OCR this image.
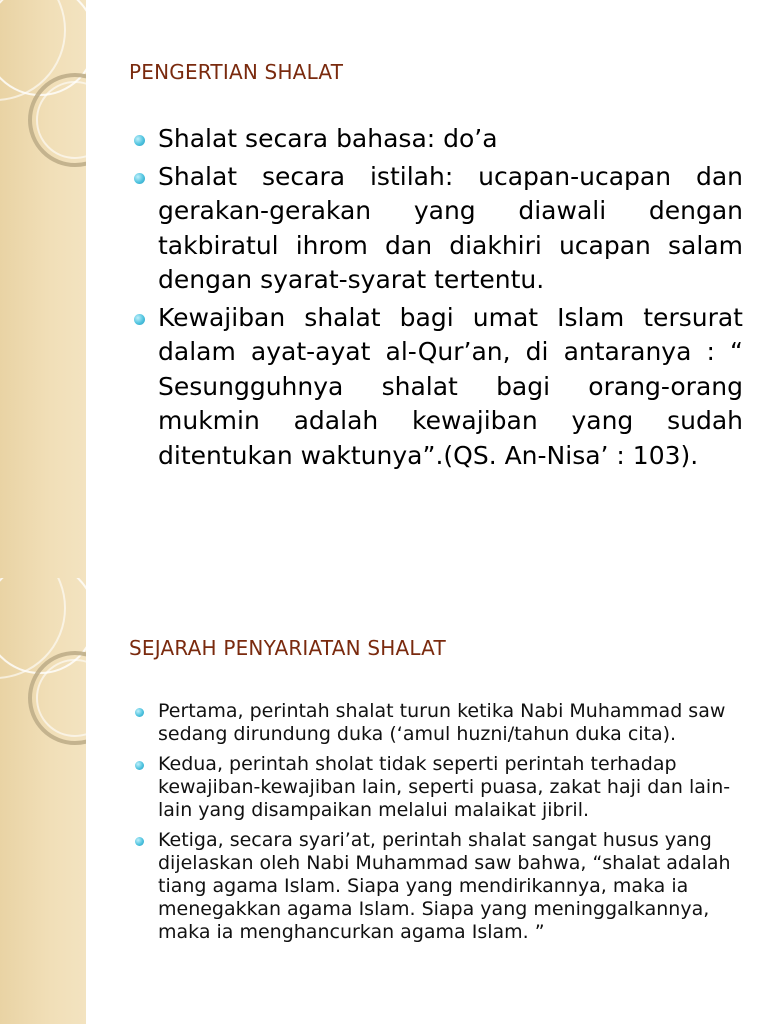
PENGERTIAN SHALAT
Shalat secara bahasa: do’a
Shalat secara istilah: ucapan-ucapan dan gerakan-gerakan yang diawali dengan takbiratul ihrom dan diakhiri ucapan salam dengan syarat-syarat tertentu.
Kewajiban shalat bagi umat Islam tersurat dalam ayat-ayat al-Qur’an, di antaranya : “ Sesungguhnya shalat bagi orang-orang mukmin adalah kewajiban yang sudah ditentukan waktunya”.(QS. An-Nisa’ : 103).
SEJARAH PENYARIATAN SHALAT
Pertama, perintah shalat turun ketika Nabi Muhammad saw sedang dirundung duka (‘amul huzni/tahun duka cita).
Kedua, perintah sholat tidak seperti perintah terhadap kewajiban-kewajiban lain, seperti puasa, zakat haji dan lain-lain yang disampaikan melalui malaikat jibril.
Ketiga, secara syari’at, perintah shalat sangat husus yang dijelaskan oleh Nabi Muhammad saw bahwa, “shalat adalah tiang agama Islam. Siapa yang mendirikannya, maka ia menegakkan agama Islam. Siapa yang meninggalkannya, maka ia menghancurkan agama Islam. ”
